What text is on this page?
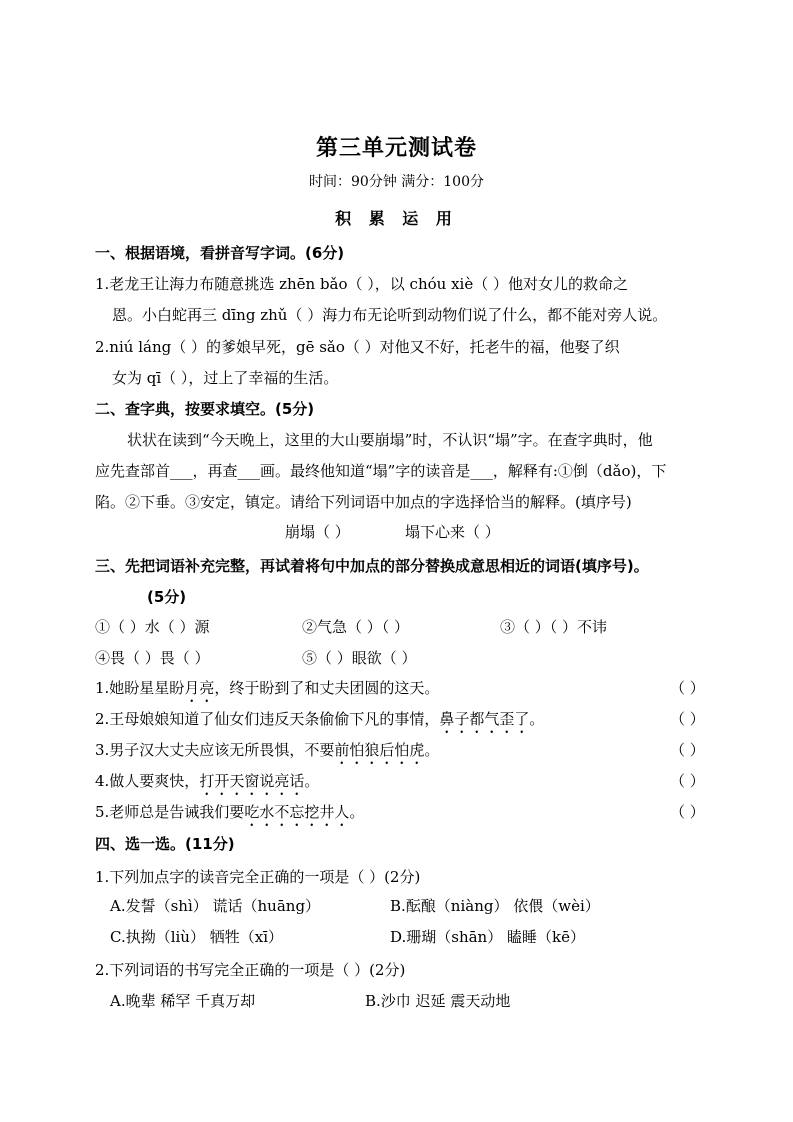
第三单元测试卷
时间：90分钟 满分：100分
积 累 运 用
一、根据语境，看拼音写字词。(6分)
1.老龙王让海力布随意挑选 zhēn bǎo（ ），以 chóu xiè（ ）他对女儿的救命之
恩。小白蛇再三 dīng zhǔ（ ）海力布无论听到动物们说了什么，都不能对旁人说。
2.niú láng（ ）的爹娘早死，gē sǎo（ ）对他又不好，托老牛的福，他娶了织
女为 qī（ ），过上了幸福的生活。
二、查字典，按要求填空。(5分)
状状在读到“今天晚上，这里的大山要崩塌”时，不认识“塌”字。在查字典时，他
应先查部首___，再查___画。最终他知道“塌”字的读音是___，解释有:①倒（dǎo)，下
陷。②下垂。③安定，镇定。请给下列词语中加点的字选择恰当的解释。(填序号)
崩塌（ ）	塌下心来（ ）
三、先把词语补充完整，再试着将句中加点的部分替换成意思相近的词语(填序号)。
(5分)
①（ ）水（ ）源	②气急（ ）（ ）	③（ ）（ ）不讳
④畏（ ）畏（ ）	⑤（ ）眼欲（ ）
1.她盼星星盼月亮，终于盼到了和丈夫团圆的这天。	（ ）
2.王母娘娘知道了仙女们违反天条偷偷下凡的事情，鼻子都气歪了。	（ ）
3.男子汉大丈夫应该无所畏惧，不要前怕狼后怕虎。	（ ）
4.做人要爽快，打开天窗说亮话。	（ ）
5.老师总是告诫我们要吃水不忘挖井人。	（ ）
四、选一选。(11分)
1.下列加点字的读音完全正确的一项是（ ）(2分)
A.发誓（shì） 谎话（huāng）	B.酝酿（niàng） 依偎（wèi）
C.执拗（liù） 牺牲（xī）	D.珊瑚（shān） 瞌睡（kē）
2.下列词语的书写完全正确的一项是（ ）(2分)
A.晚辈 稀罕 千真万却	B.沙巾 迟延 震天动地
